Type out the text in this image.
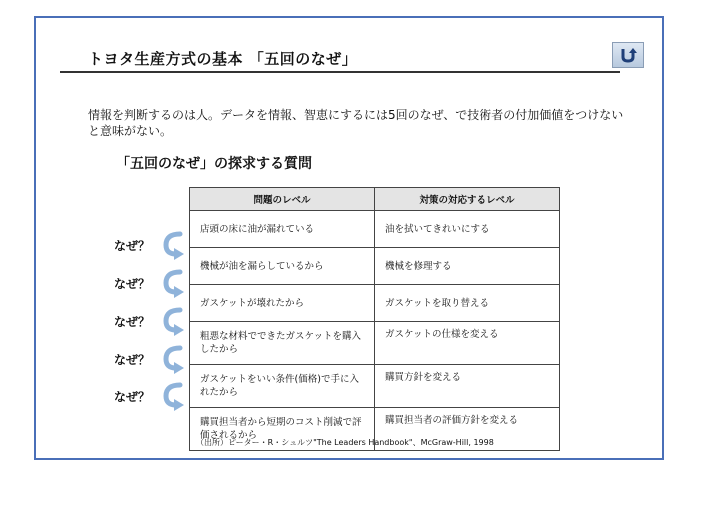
トヨタ生産方式の基本 「五回のなぜ」
情報を判断するのは人。データを情報、智恵にするには5回のなぜ、で技術者の付加価値をつけないと意味がない。
「五回のなぜ」の探求する質問
問題のレベル	対策の対応するレベル
店頭の床に油が漏れている	油を拭いてきれいにする
機械が油を漏らしているから	機械を修理する
ガスケットが壊れたから	ガスケットを取り替える
粗悪な材料でできたガスケットを購入したから	ガスケットの仕様を変える
ガスケットをいい条件(価格)で手に入れたから	購買方針を変える
購買担当者から短期のコスト削減で評価されるから	購買担当者の評価方針を変える
なぜ？
なぜ？
なぜ？
なぜ？
なぜ？
（出所）ピーター・R・シュルツ"The Leaders Handbook"、McGraw-Hill, 1998
